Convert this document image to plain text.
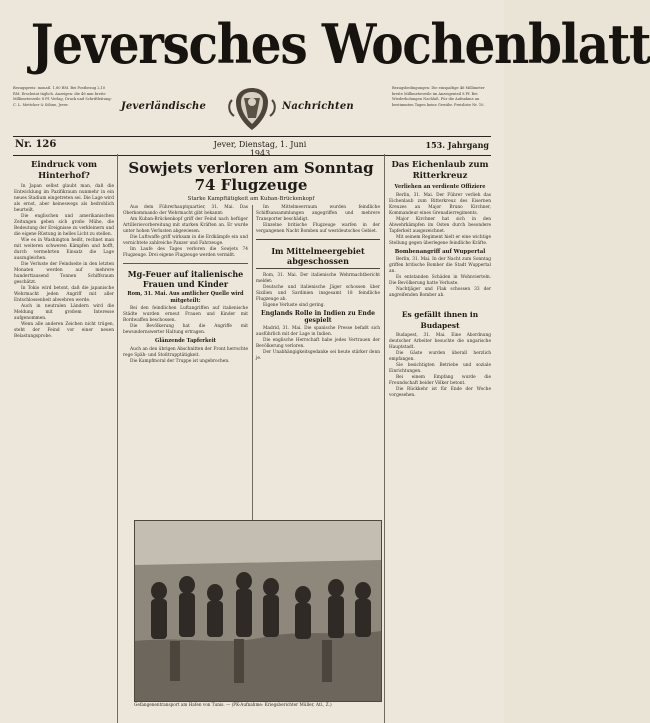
Jeversches Wochenblatt
Bezugspreis: monatl. 1,80 RM. Bei Postbezug 2,10 RM. Erscheint täglich. Anzeigen: die 46 mm breite Millimeterzeile 8 Pf. Verlag, Druck und Schriftleitung: C. L. Mettcker & Söhne, Jever.
Bezugsbedingungen: Die einspaltige 46 Millimeter breite Millimeterzeile im Anzeigenteil 8 Pf. Bei Wiederholungen Nachlaß. Für die Aufnahme an bestimmten Tagen keine Gewähr. Preisliste Nr. 10.
Jeverländische	Nachrichten
Nr. 126	Jever, Dienstag, 1. Juni 1943
153. Jahrgang
Eindruck vom Hinterhof?

In Japan selbst glaubt man, daß die Entwicklung im Pazifikraum nunmehr in ein neues Stadium eingetreten sei. Die Lage wird als ernst, aber keineswegs als bedrohlich beurteilt.

Die englischen und amerikanischen Zeitungen geben sich große Mühe, die Bedeutung der Ereignisse zu verkleinern und die eigene Rüstung in helles Licht zu stellen.

Wie es in Washington heißt, rechnet man mit weiteren schweren Kämpfen und hofft, durch vermehrten Einsatz die Lage auszugleichen.

Die Verluste der Feindseite in den letzten Monaten werden auf mehrere hunderttausend Tonnen Schiffsraum geschätzt.

In Tokio wird betont, daß die japanische Wehrmacht jeden Angriff mit aller Entschlossenheit abwehren werde.

Auch in neutralen Ländern wird die Meldung mit großem Interesse aufgenommen.

Wenn alle anderen Zeichen nicht trügen, steht der Feind vor einer neuen Belastungsprobe.

Sowjets verloren am Sonntag
74 Flugzeuge
Starke Kampftätigkeit am Kuban-Brückenkopf

Aus dem Führerhauptquartier, 31. Mai. Das Oberkommando der Wehrmacht gibt bekannt:

Am Kuban-Brückenkopf griff der Feind nach heftiger Artillerievorbereitung mit starken Kräften an. Er wurde unter hohen Verlusten abgewiesen.

Die Luftwaffe griff wirksam in die Erdkämpfe ein und vernichtete zahlreiche Panzer und Fahrzeuge.

Im Laufe des Tages verloren die Sowjets 74 Flugzeuge. Drei eigene Flugzeuge werden vermißt.

Mg-Feuer auf italienische Frauen und Kinder
Rom, 31. Mai. Aus amtlicher Quelle wird mitgeteilt:

Bei den feindlichen Luftangriffen auf italienische Städte wurden erneut Frauen und Kinder mit Bordwaffen beschossen.

Die Bevölkerung hat die Angriffe mit bewundernswerter Haltung ertragen.

Glänzende Tapferkeit

Auch an den übrigen Abschnitten der Front herrschte rege Späh- und Stoßtrupptätigkeit.

Die Kampfmoral der Truppe ist ungebrochen.

Im Mittelmeerraum wurden feindliche Schiffsansammlungen angegriffen und mehrere Transporter beschädigt.

Einzelne britische Flugzeuge warfen in der vergangenen Nacht Bomben auf westdeutsches Gebiet.

Im Mittelmeergebiet abgeschossen

Rom, 31. Mai. Der italienische Wehrmachtbericht meldet:

Deutsche und italienische Jäger schossen über Sizilien und Sardinien insgesamt 18 feindliche Flugzeuge ab.

Eigene Verluste sind gering.

Englands Rolle in Indien zu Ende gespielt

Madrid, 31. Mai. Die spanische Presse befaßt sich ausführlich mit der Lage in Indien.

Die englische Herrschaft habe jedes Vertrauen der Bevölkerung verloren.

Der Unabhängigkeitsgedanke sei heute stärker denn je.

Das Eichenlaub zum Ritterkreuz
Verliehen an verdiente Offiziere

Berlin, 31. Mai. Der Führer verlieh das Eichenlaub zum Ritterkreuz des Eisernen Kreuzes an Major Bruno Kirchner, Kommandeur eines Grenadierregiments.

Major Kirchner hat sich in den Abwehrkämpfen im Osten durch besondere Tapferkeit ausgezeichnet.

Mit seinem Regiment hielt er eine wichtige Stellung gegen überlegene feindliche Kräfte.

Bombenangriff auf Wuppertal

Berlin, 31. Mai. In der Nacht zum Sonntag griffen britische Bomber die Stadt Wuppertal an.

Es entstanden Schäden in Wohnvierteln. Die Bevölkerung hatte Verluste.

Nachtjäger und Flak schossen 33 der angreifenden Bomber ab.

Es gefällt ihnen in Budapest

Budapest, 31. Mai. Eine Abordnung deutscher Arbeiter besuchte die ungarische Hauptstadt.

Die Gäste wurden überall herzlich empfangen.

Sie besichtigten Betriebe und soziale Einrichtungen.

Bei einem Empfang wurde die Freundschaft beider Völker betont.

Die Rückkehr ist für Ende der Woche vorgesehen.

Gefangenentransport am Hafen von Tunis. — (PK-Aufnahme: Kriegsberichter Müller, Atl., Z.)
